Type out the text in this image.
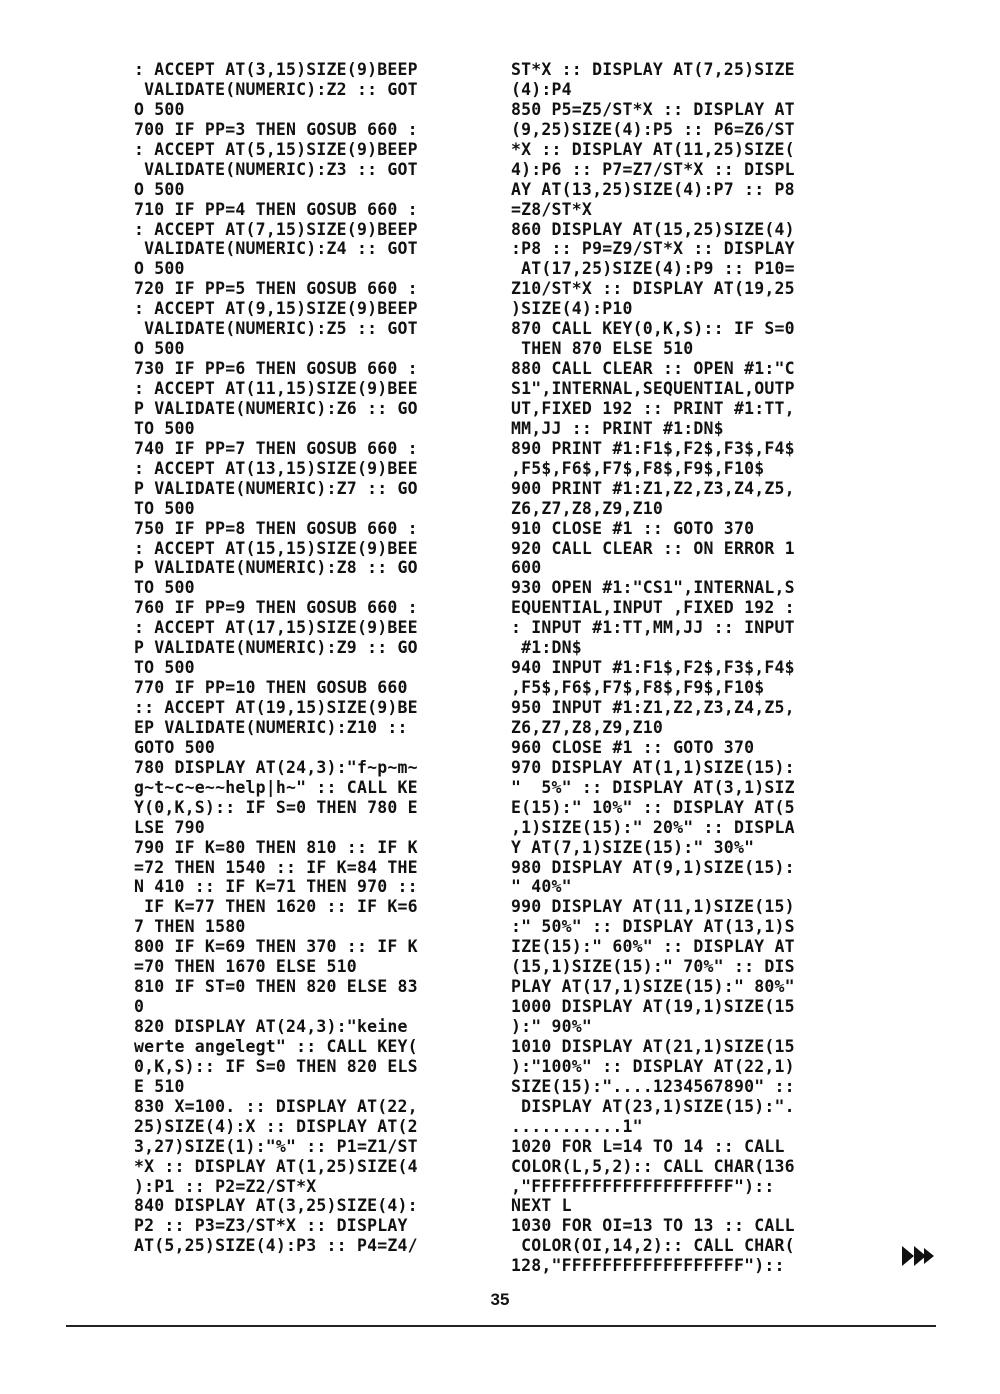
: ACCEPT AT(3,15)SIZE(9)BEEP
VALIDATE(NUMERIC):Z2 :: GOT
O 500
700 IF PP=3 THEN GOSUB 660 :
: ACCEPT AT(5,15)SIZE(9)BEEP
VALIDATE(NUMERIC):Z3 :: GOT
O 500
710 IF PP=4 THEN GOSUB 660 :
: ACCEPT AT(7,15)SIZE(9)BEEP
VALIDATE(NUMERIC):Z4 :: GOT
O 500
720 IF PP=5 THEN GOSUB 660 :
: ACCEPT AT(9,15)SIZE(9)BEEP
VALIDATE(NUMERIC):Z5 :: GOT
O 500
730 IF PP=6 THEN GOSUB 660 :
: ACCEPT AT(11,15)SIZE(9)BEE
P VALIDATE(NUMERIC):Z6 :: GO
TO 500
740 IF PP=7 THEN GOSUB 660 :
: ACCEPT AT(13,15)SIZE(9)BEE
P VALIDATE(NUMERIC):Z7 :: GO
TO 500
750 IF PP=8 THEN GOSUB 660 :
: ACCEPT AT(15,15)SIZE(9)BEE
P VALIDATE(NUMERIC):Z8 :: GO
TO 500
760 IF PP=9 THEN GOSUB 660 :
: ACCEPT AT(17,15)SIZE(9)BEE
P VALIDATE(NUMERIC):Z9 :: GO
TO 500
770 IF PP=10 THEN GOSUB 660
:: ACCEPT AT(19,15)SIZE(9)BE
EP VALIDATE(NUMERIC):Z10 ::
GOTO 500
780 DISPLAY AT(24,3):"f~p~m~
g~t~c~e~~help|h~" :: CALL KE
Y(0,K,S):: IF S=0 THEN 780 E
LSE 790
790 IF K=80 THEN 810 :: IF K
=72 THEN 1540 :: IF K=84 THE
N 410 :: IF K=71 THEN 970 ::
IF K=77 THEN 1620 :: IF K=6
7 THEN 1580
800 IF K=69 THEN 370 :: IF K
=70 THEN 1670 ELSE 510
810 IF ST=0 THEN 820 ELSE 83
0
820 DISPLAY AT(24,3):"keine
werte angelegt" :: CALL KEY(
0,K,S):: IF S=0 THEN 820 ELS
E 510
830 X=100. :: DISPLAY AT(22,
25)SIZE(4):X :: DISPLAY AT(2
3,27)SIZE(1):"%" :: P1=Z1/ST
*X :: DISPLAY AT(1,25)SIZE(4
):P1 :: P2=Z2/ST*X
840 DISPLAY AT(3,25)SIZE(4):
P2 :: P3=Z3/ST*X :: DISPLAY
AT(5,25)SIZE(4):P3 :: P4=Z4/
ST*X :: DISPLAY AT(7,25)SIZE
(4):P4
850 P5=Z5/ST*X :: DISPLAY AT
(9,25)SIZE(4):P5 :: P6=Z6/ST
*X :: DISPLAY AT(11,25)SIZE(
4):P6 :: P7=Z7/ST*X :: DISPL
AY AT(13,25)SIZE(4):P7 :: P8
=Z8/ST*X
860 DISPLAY AT(15,25)SIZE(4)
:P8 :: P9=Z9/ST*X :: DISPLAY
AT(17,25)SIZE(4):P9 :: P10=
Z10/ST*X :: DISPLAY AT(19,25
)SIZE(4):P10
870 CALL KEY(0,K,S):: IF S=0
THEN 870 ELSE 510
880 CALL CLEAR :: OPEN #1:"C
S1",INTERNAL,SEQUENTIAL,OUTP
UT,FIXED 192 :: PRINT #1:TT,
MM,JJ :: PRINT #1:DN$
890 PRINT #1:F1$,F2$,F3$,F4$
,F5$,F6$,F7$,F8$,F9$,F10$
900 PRINT #1:Z1,Z2,Z3,Z4,Z5,
Z6,Z7,Z8,Z9,Z10
910 CLOSE #1 :: GOTO 370
920 CALL CLEAR :: ON ERROR 1
600
930 OPEN #1:"CS1",INTERNAL,S
EQUENTIAL,INPUT ,FIXED 192 :
: INPUT #1:TT,MM,JJ :: INPUT
#1:DN$
940 INPUT #1:F1$,F2$,F3$,F4$
,F5$,F6$,F7$,F8$,F9$,F10$
950 INPUT #1:Z1,Z2,Z3,Z4,Z5,
Z6,Z7,Z8,Z9,Z10
960 CLOSE #1 :: GOTO 370
970 DISPLAY AT(1,1)SIZE(15):
"  5%" :: DISPLAY AT(3,1)SIZ
E(15):" 10%" :: DISPLAY AT(5
,1)SIZE(15):" 20%" :: DISPLA
Y AT(7,1)SIZE(15):" 30%"
980 DISPLAY AT(9,1)SIZE(15):
" 40%"
990 DISPLAY AT(11,1)SIZE(15)
:" 50%" :: DISPLAY AT(13,1)S
IZE(15):" 60%" :: DISPLAY AT
(15,1)SIZE(15):" 70%" :: DIS
PLAY AT(17,1)SIZE(15):" 80%"
1000 DISPLAY AT(19,1)SIZE(15
):" 90%"
1010 DISPLAY AT(21,1)SIZE(15
):"100%" :: DISPLAY AT(22,1)
SIZE(15):"....1234567890" ::
DISPLAY AT(23,1)SIZE(15):".
...........1"
1020 FOR L=14 TO 14 :: CALL
COLOR(L,5,2):: CALL CHAR(136
,"FFFFFFFFFFFFFFFFFFFF")::
NEXT L
1030 FOR OI=13 TO 13 :: CALL
COLOR(OI,14,2):: CALL CHAR(
128,"FFFFFFFFFFFFFFFFFF")::
35
